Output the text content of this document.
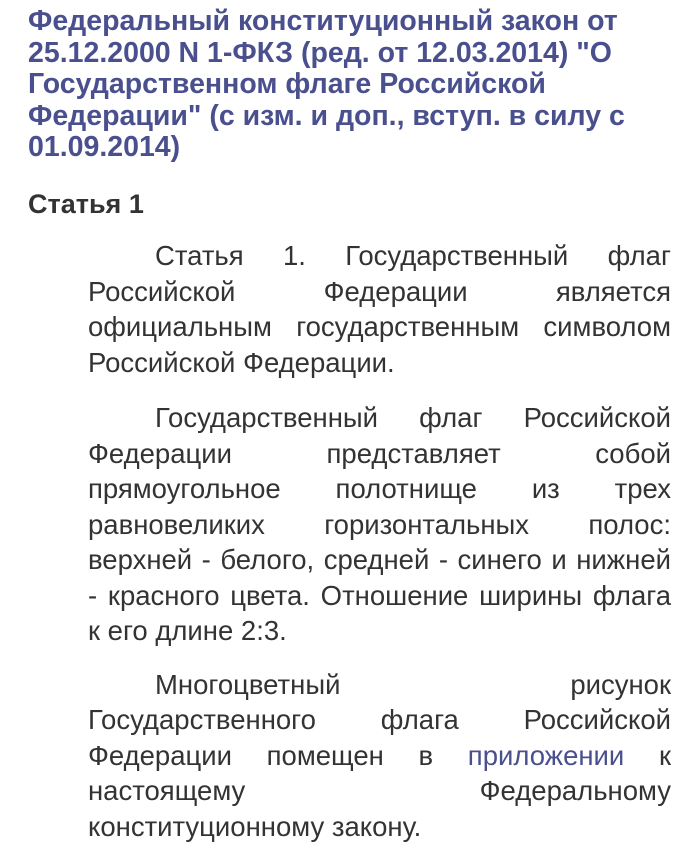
Федеральный конституционный закон от 25.12.2000 N 1-ФКЗ (ред. от 12.03.2014) "О Государственном флаге Российской Федерации" (с изм. и доп., вступ. в силу с 01.09.2014)
Статья 1

Статья 1. Государственный флаг Российской Федерации является официальным государственным символом Российской Федерации.

Государственный флаг Российской Федерации представляет собой прямоугольное полотнище из трех равновеликих горизонтальных полос: верхней - белого, средней - синего и нижней - красного цвета. Отношение ширины флага к его длине 2:3.

Многоцветный рисунок Государственного флага Российской Федерации помещен в приложении к настоящему Федеральному конституционному закону.
